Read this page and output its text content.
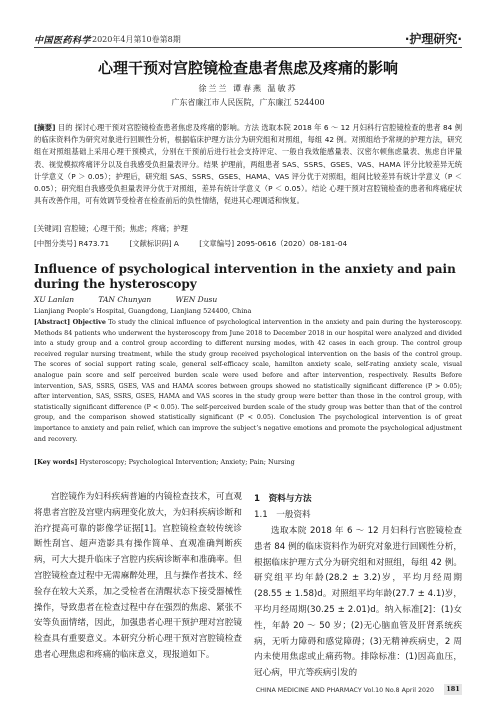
中国医药科学 2020年4月第10卷第8期	·护理研究·
心理干预对宫腔镜检查患者焦虑及疼痛的影响
徐兰兰 谭春燕 温敏苏
广东省廉江市人民医院，广东廉江 524400
[摘要] 目的 探讨心理干预对宫腔镜检查患者焦虑及疼痛的影响。方法 选取本院 2018 年 6 ～ 12 月妇科行宫腔镜检查的患者 84 例的临床资料作为研究对象进行回顾性分析，根据临床护理方法分为研究组和对照组，每组 42 例。对照组给予常规的护理方法，研究组在对照组基础上采用心理干预模式，分别在干预前后进行社会支持评定、一般自我效能感量表、汉密尔顿焦虑量表、焦虑自评量表、视觉模拟疼痛评分以及自我感受负担量表评分。结果 护理前，两组患者 SAS、SSRS、GSES、VAS、HAMA 评分比较差异无统计学意义（P ＞ 0.05）；护理后，研究组 SAS、SSRS、GSES、HAMA、VAS 评分优于对照组，组间比较差异有统计学意义（P ＜ 0.05）；研究组自我感受负担量表评分优于对照组，差异有统计学意义（P ＜ 0.05）。结论 心理干预对宫腔镜检查的患者和疼痛症状具有改善作用，可有效调节受检者在检查前后的负性情绪，促进其心理调适和恢复。
[关键词] 宫腔镜；心理干预；焦虑；疼痛；护理
[中图分类号] R473.71	[文献标识码] A	[文章编号] 2095-0616（2020）08-181-04
Influence of psychological intervention in the anxiety and pain during the hysteroscopy
XU Lanlan	TAN Chunyan	WEN Dusu
Lianjiang People’s Hospital, Guangdong, Lianjiang 524400, China
[Abstract] Objective To study the clinical influence of psychological intervention in the anxiety and pain during the hysteroscopy. Methods 84 patients who underwent the hysteroscopy from June 2018 to December 2018 in our hospital were analyzed and divided into a study group and a control group according to different nursing modes, with 42 cases in each group. The control group received regular nursing treatment, while the study group received psychological intervention on the basis of the control group. The scores of social support rating scale, general self-efficacy scale, hamilton anxiety scale, self-rating anxiety scale, visual analogue pain score and self perceived burden scale were used before and after intervention, respectively. Results Before intervention, SAS, SSRS, GSES, VAS and HAMA scores between groups showed no statistically significant difference (P > 0.05); after intervention, SAS, SSRS, GSES, HAMA and VAS scores in the study group were better than those in the control group, with statistically significant difference (P < 0.05). The self-perceived burden scale of the study group was better than that of the control group, and the comparison showed statistically significant (P < 0.05). Conclusion The psychological intervention is of great importance to anxiety and pain relief, which can improve the subject’s negative emotions and promote the psychological adjustment and recovery.
[Key words] Hysteroscopy; Psychological Intervention; Anxiety; Pain; Nursing
宫腔镜作为妇科疾病普遍的内镜检查技术，可直观将患者宫腔及宫壁内病理变化放大，为妇科疾病诊断和治疗提高可靠的影像学证据[1]。宫腔镜检查较传统诊断性刮宫、超声造影具有操作简单、直观准确判断疾病，可大大提升临床子宫腔内疾病诊断率和准确率。但宫腔镜检查过程中无需麻醉处理，且与操作者技术、经验存在较大关系，加之受检者在清醒状态下接受器械性操作，导致患者在检查过程中存在强烈的焦虑、紧张不安等负面情绪，因此，加强患者心理干预护理对宫腔镜检查具有重要意义。本研究分析心理干预对宫腔镜检查患者心理焦虑和疼痛的临床意义，现报道如下。
1　资料与方法
1.1　一般资料
选取本院 2018 年 6 ～ 12 月妇科行宫腔镜检查患者 84 例的临床资料作为研究对象进行回顾性分析，根据临床护理方式分为研究组和对照组，每组 42 例。研究组平均年龄(28.2 ± 3.2)岁，平均月经周期(28.55 ± 1.58)d。对照组平均年龄(27.7 ± 4.1)岁，平均月经周期(30.25 ± 2.01)d。纳入标准[2]：(1)女性，年龄 20 ～ 50 岁；(2)无心脑血管及肝肾系统疾病，无听力障碍和感觉障碍；(3)无精神疾病史，2 周内未使用焦虑或止痛药物。排除标准：(1)因高血压，冠心病，甲亢等疾病引发的
CHINA MEDICINE AND PHARMACY Vol.10 No.8 April 2020	181
